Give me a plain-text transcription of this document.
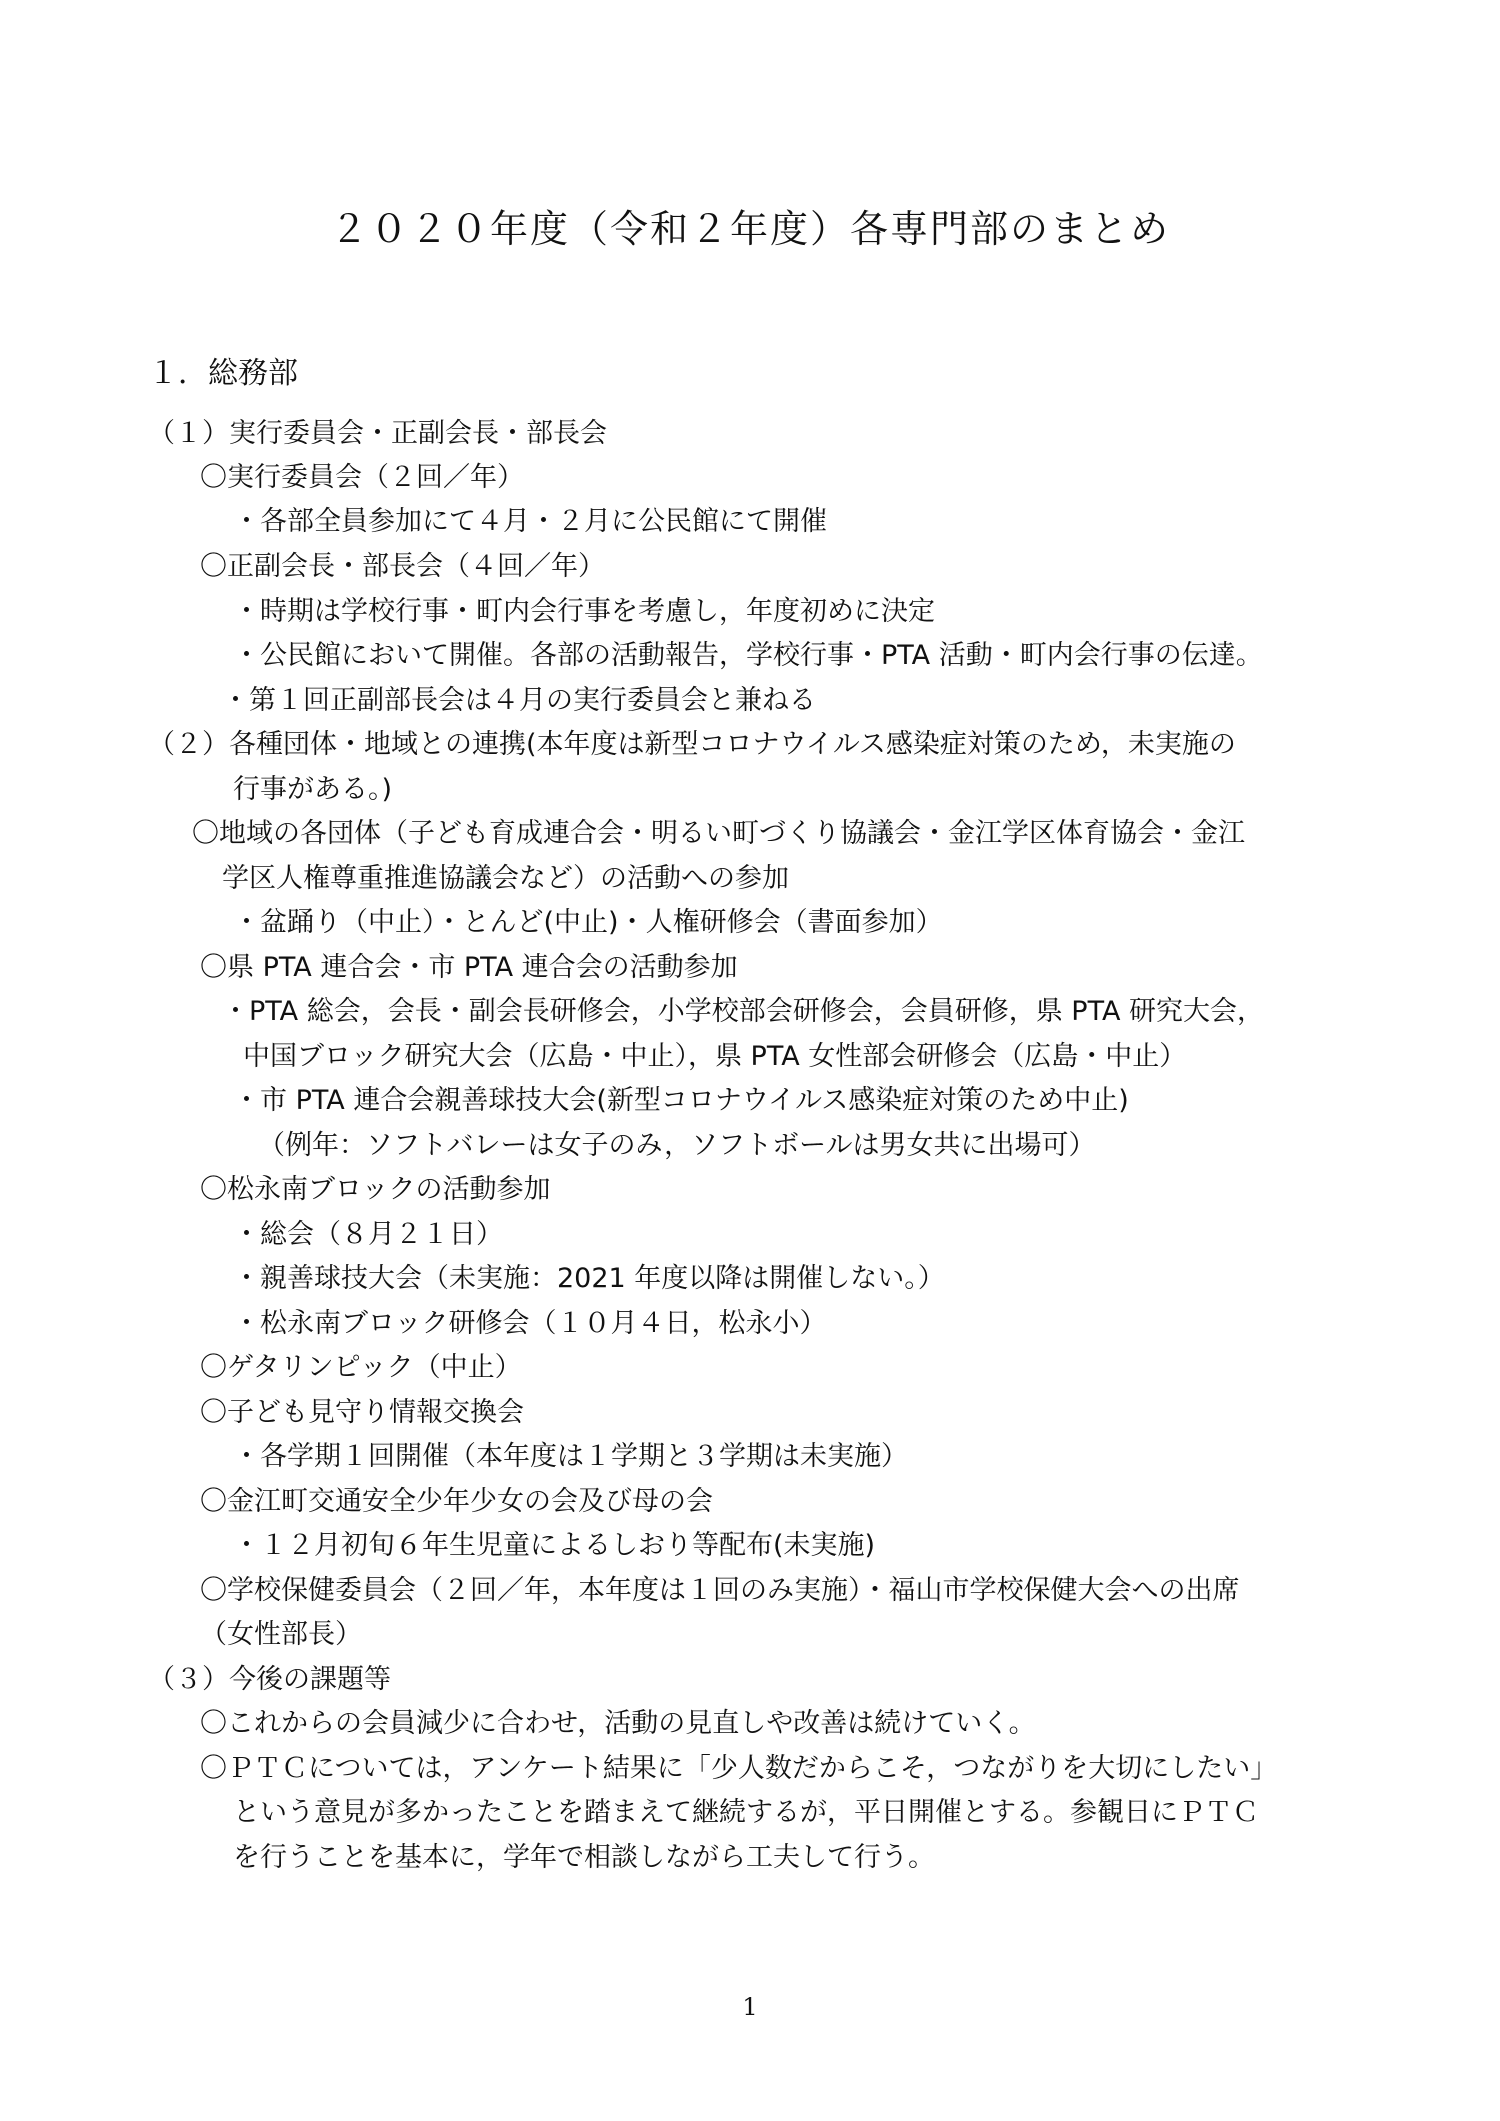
２０２０年度（令和２年度）各専門部のまとめ
１．総務部
（１）実行委員会・正副会長・部長会
〇実行委員会（２回／年）
・各部全員参加にて４月・２月に公民館にて開催
〇正副会長・部長会（４回／年）
・時期は学校行事・町内会行事を考慮し，年度初めに決定
・公民館において開催。各部の活動報告，学校行事・PTA 活動・町内会行事の伝達。
・第１回正副部長会は４月の実行委員会と兼ねる
（２）各種団体・地域との連携(本年度は新型コロナウイルス感染症対策のため，未実施の
行事がある。)
〇地域の各団体（子ども育成連合会・明るい町づくり協議会・金江学区体育協会・金江
学区人権尊重推進協議会など）の活動への参加
・盆踊り（中止）・とんど(中止)・人権研修会（書面参加）
〇県 PTA 連合会・市 PTA 連合会の活動参加
・PTA 総会，会長・副会長研修会，小学校部会研修会，会員研修，県 PTA 研究大会，
中国ブロック研究大会（広島・中止），県 PTA 女性部会研修会（広島・中止）
・市 PTA 連合会親善球技大会(新型コロナウイルス感染症対策のため中止)
（例年：ソフトバレーは女子のみ，ソフトボールは男女共に出場可）
〇松永南ブロックの活動参加
・総会（８月２１日）
・親善球技大会（未実施：2021 年度以降は開催しない。）
・松永南ブロック研修会（１０月４日，松永小）
〇ゲタリンピック（中止）
〇子ども見守り情報交換会
・各学期１回開催（本年度は１学期と３学期は未実施）
〇金江町交通安全少年少女の会及び母の会
・１２月初旬６年生児童によるしおり等配布(未実施)
〇学校保健委員会（２回／年，本年度は１回のみ実施）・福山市学校保健大会への出席
（女性部長）
（３）今後の課題等
〇これからの会員減少に合わせ，活動の見直しや改善は続けていく。
〇ＰＴＣについては，アンケート結果に「少人数だからこそ，つながりを大切にしたい」
という意見が多かったことを踏まえて継続するが，平日開催とする。参観日にＰＴＣ
を行うことを基本に，学年で相談しながら工夫して行う。
1
